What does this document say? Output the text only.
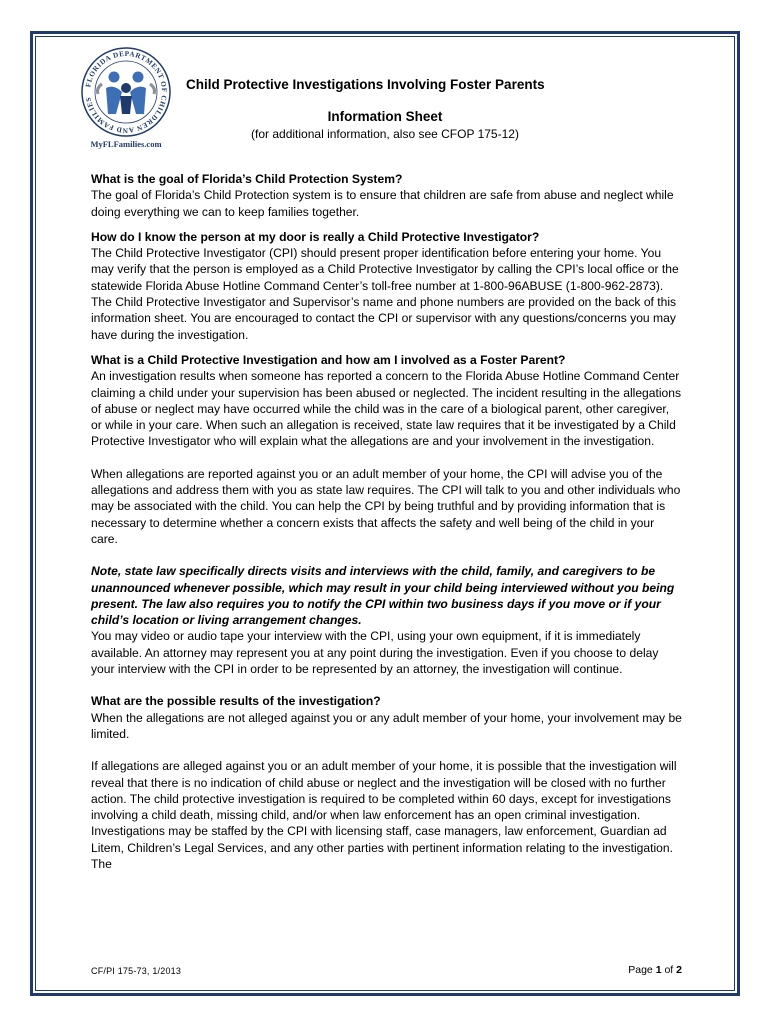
FLORIDA DEPARTMENT OF CHILDREN AND FAMILIES
MyFLFamilies.com
Child Protective Investigations Involving Foster Parents
Information Sheet
(for additional information, also see CFOP 175-12)
What is the goal of Florida’s Child Protection System?

The goal of Florida’s Child Protection system is to ensure that children are safe from abuse and neglect while doing everything we can to keep families together.

How do I know the person at my door is really a Child Protective Investigator?

The Child Protective Investigator (CPI) should present proper identification before entering your home. You may verify that the person is employed as a Child Protective Investigator by calling the CPI’s local office or the statewide Florida Abuse Hotline Command Center’s toll-free number at 1-800-96ABUSE (1-800-962-2873). The Child Protective Investigator and Supervisor’s name and phone numbers are provided on the back of this information sheet. You are encouraged to contact the CPI or supervisor with any questions/concerns you may have during the investigation.

What is a Child Protective Investigation and how am I involved as a Foster Parent?

An investigation results when someone has reported a concern to the Florida Abuse Hotline Command Center claiming a child under your supervision has been abused or neglected. The incident resulting in the allegations of abuse or neglect may have occurred while the child was in the care of a biological parent, other caregiver, or while in your care. When such an allegation is received, state law requires that it be investigated by a Child Protective Investigator who will explain what the allegations are and your involvement in the investigation.

When allegations are reported against you or an adult member of your home, the CPI will advise you of the allegations and address them with you as state law requires. The CPI will talk to you and other individuals who may be associated with the child. You can help the CPI by being truthful and by providing information that is necessary to determine whether a concern exists that affects the safety and well being of the child in your care.

Note, state law specifically directs visits and interviews with the child, family, and caregivers to be unannounced whenever possible, which may result in your child being interviewed without you being present. The law also requires you to notify the CPI within two business days if you move or if your child’s location or living arrangement changes.

You may video or audio tape your interview with the CPI, using your own equipment, if it is immediately available. An attorney may represent you at any point during the investigation. Even if you choose to delay your interview with the CPI in order to be represented by an attorney, the investigation will continue.

What are the possible results of the investigation?

When the allegations are not alleged against you or any adult member of your home, your involvement may be limited.

If allegations are alleged against you or an adult member of your home, it is possible that the investigation will reveal that there is no indication of child abuse or neglect and the investigation will be closed with no further action. The child protective investigation is required to be completed within 60 days, except for investigations involving a child death, missing child, and/or when law enforcement has an open criminal investigation. Investigations may be staffed by the CPI with licensing staff, case managers, law enforcement, Guardian ad Litem, Children’s Legal Services, and any other parties with pertinent information relating to the investigation. The

CF/PI 175-73, 1/2013	Page 1 of 2
